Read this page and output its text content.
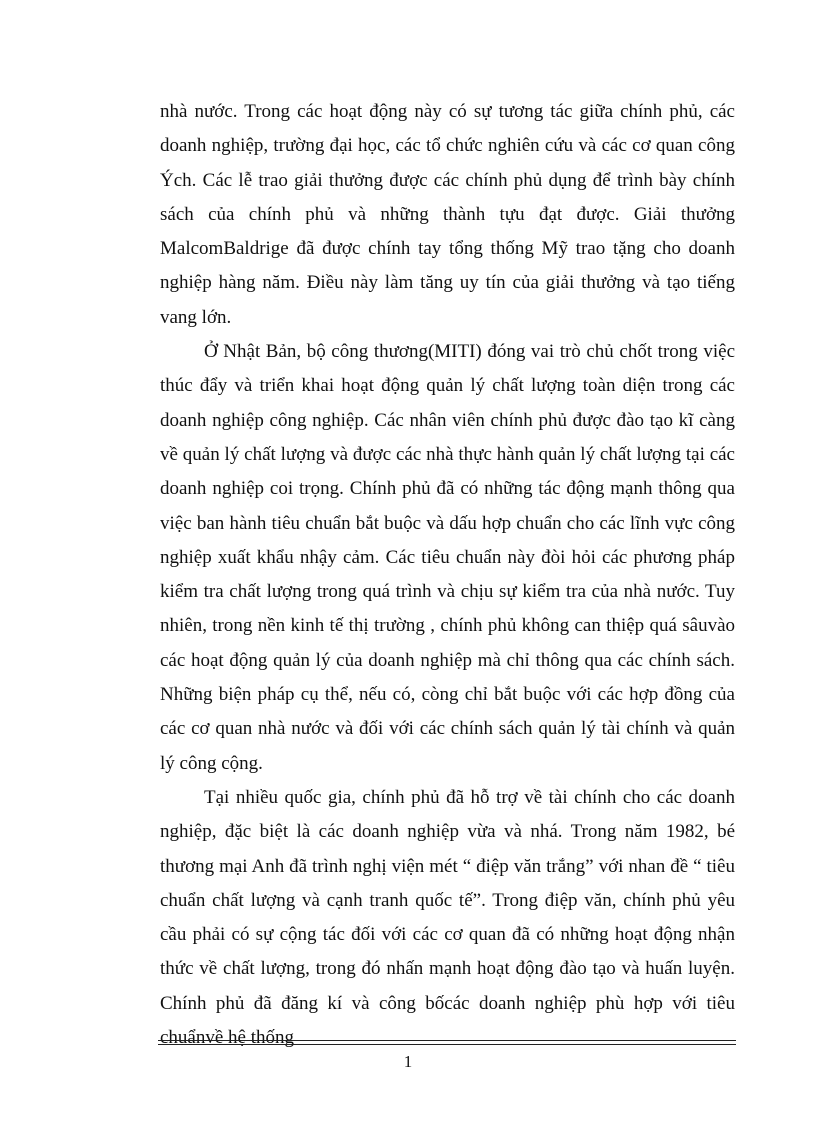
nhà nước. Trong các hoạt động này có sự tương tác giữa chính phủ, các doanh nghiệp, trường đại học, các tổ chức nghiên cứu và các cơ quan công Ých. Các lễ trao giải thưởng được các chính phủ dụng để trình bày chính sách của chính phủ và những thành tựu đạt được. Giải thưởng MalcomBaldrige đã được chính tay tổng thống Mỹ trao tặng cho doanh nghiệp hàng năm. Điều này làm tăng uy tín của giải thưởng và tạo tiếng vang lớn.

Ở Nhật Bản, bộ công thương(MITI) đóng vai trò chủ chốt trong việc thúc đẩy và triển khai hoạt động quản lý chất lượng toàn diện trong các doanh nghiệp công nghiệp. Các nhân viên chính phủ được đào tạo kĩ càng về quản lý chất lượng và được các nhà thực hành quản lý chất lượng tại các doanh nghiệp coi trọng. Chính phủ đã có những tác động mạnh thông qua việc ban hành tiêu chuẩn bắt buộc và dấu hợp chuẩn cho các lĩnh vực công nghiệp xuất khẩu nhậy cảm. Các tiêu chuẩn này đòi hỏi các phương pháp kiểm tra chất lượng trong quá trình và chịu sự kiểm tra của nhà nước. Tuy nhiên, trong nền kinh tế thị trường , chính phủ không can thiệp quá sâuvào các hoạt động quản lý của doanh nghiệp mà chỉ thông qua các chính sách. Những biện pháp cụ thể, nếu có, còng chỉ bắt buộc với các hợp đồng của các cơ quan nhà nước và đối với các chính sách quản lý tài chính và quản lý công cộng.

Tại nhiều quốc gia, chính phủ đã hỗ trợ về tài chính cho các doanh nghiệp, đặc biệt là các doanh nghiệp vừa và nhá. Trong năm 1982, bé thương mại Anh đã trình nghị viện mét “ điệp văn trắng” với nhan đề “ tiêu chuẩn chất lượng và cạnh tranh quốc tế”. Trong điệp văn, chính phủ yêu cầu phải có sự cộng tác đối với các cơ quan đã có những hoạt động nhận thức về chất lượng, trong đó nhấn mạnh hoạt động đào tạo và huấn luyện. Chính phủ đã đăng kí và công bốcác doanh nghiệp phù hợp với tiêu chuẩnvề hệ thống

1
